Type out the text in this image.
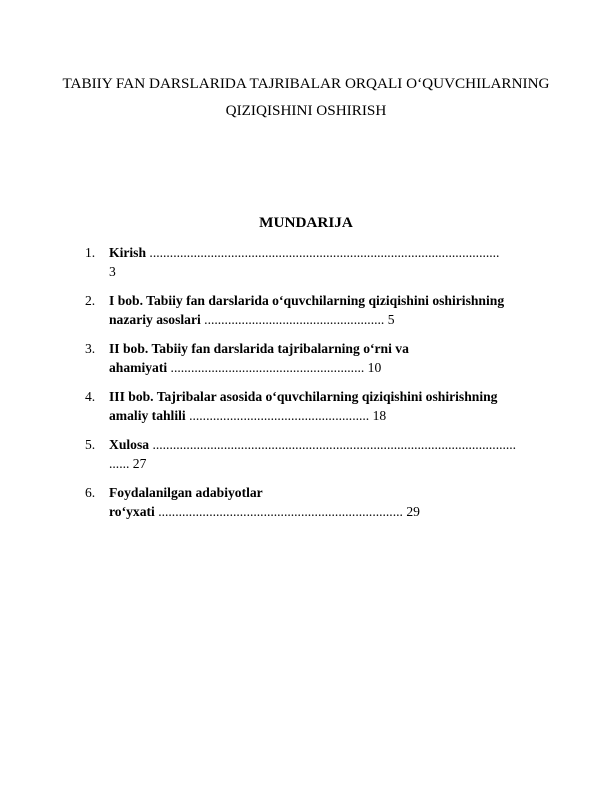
TABIIY FAN DARSLARIDA TAJRIBALAR ORQALI O‘QUVCHILARNING
QIZIQISHINI OSHIRISH
MUNDARIJA
1. Kirish .......................................................................................................
3
2. I bob. Tabiiy fan darslarida o‘quvchilarning qiziqishini oshirishning
nazariy asoslari ..................................................... 5
3. II bob. Tabiiy fan darslarida tajribalarning o‘rni va
ahamiyati ......................................................... 10
4. III bob. Tajribalar asosida o‘quvchilarning qiziqishini oshirishning
amaliy tahlili ..................................................... 18
5. Xulosa ...........................................................................................................
...... 27
6. Foydalanilgan adabiyotlar
ro‘yxati ........................................................................ 29
